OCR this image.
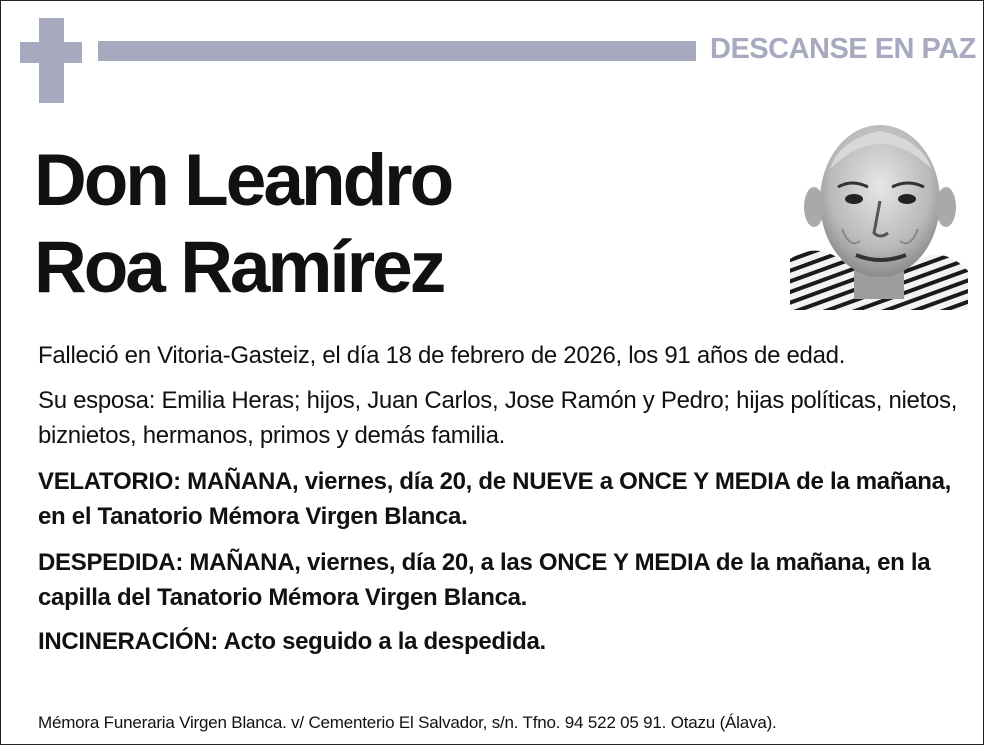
DESCANSE EN PAZ
Don Leandro
Roa Ramírez

Falleció en Vitoria-Gasteiz, el día 18 de febrero de 2026, los 91 años de edad.

Su esposa: Emilia Heras; hijos, Juan Carlos, Jose Ramón y Pedro; hijas políticas, nietos, biznietos, hermanos, primos y demás familia.

VELATORIO: MAÑANA, viernes, día 20, de NUEVE a ONCE Y MEDIA de la mañana, en el Tanatorio Mémora Virgen Blanca.

DESPEDIDA: MAÑANA, viernes, día 20, a las ONCE Y MEDIA de la mañana, en la capilla del Tanatorio Mémora Virgen Blanca.

INCINERACIÓN: Acto seguido a la despedida.

Mémora Funeraria Virgen Blanca. v/ Cementerio El Salvador, s/n. Tfno. 94 522 05 91. Otazu (Álava).
